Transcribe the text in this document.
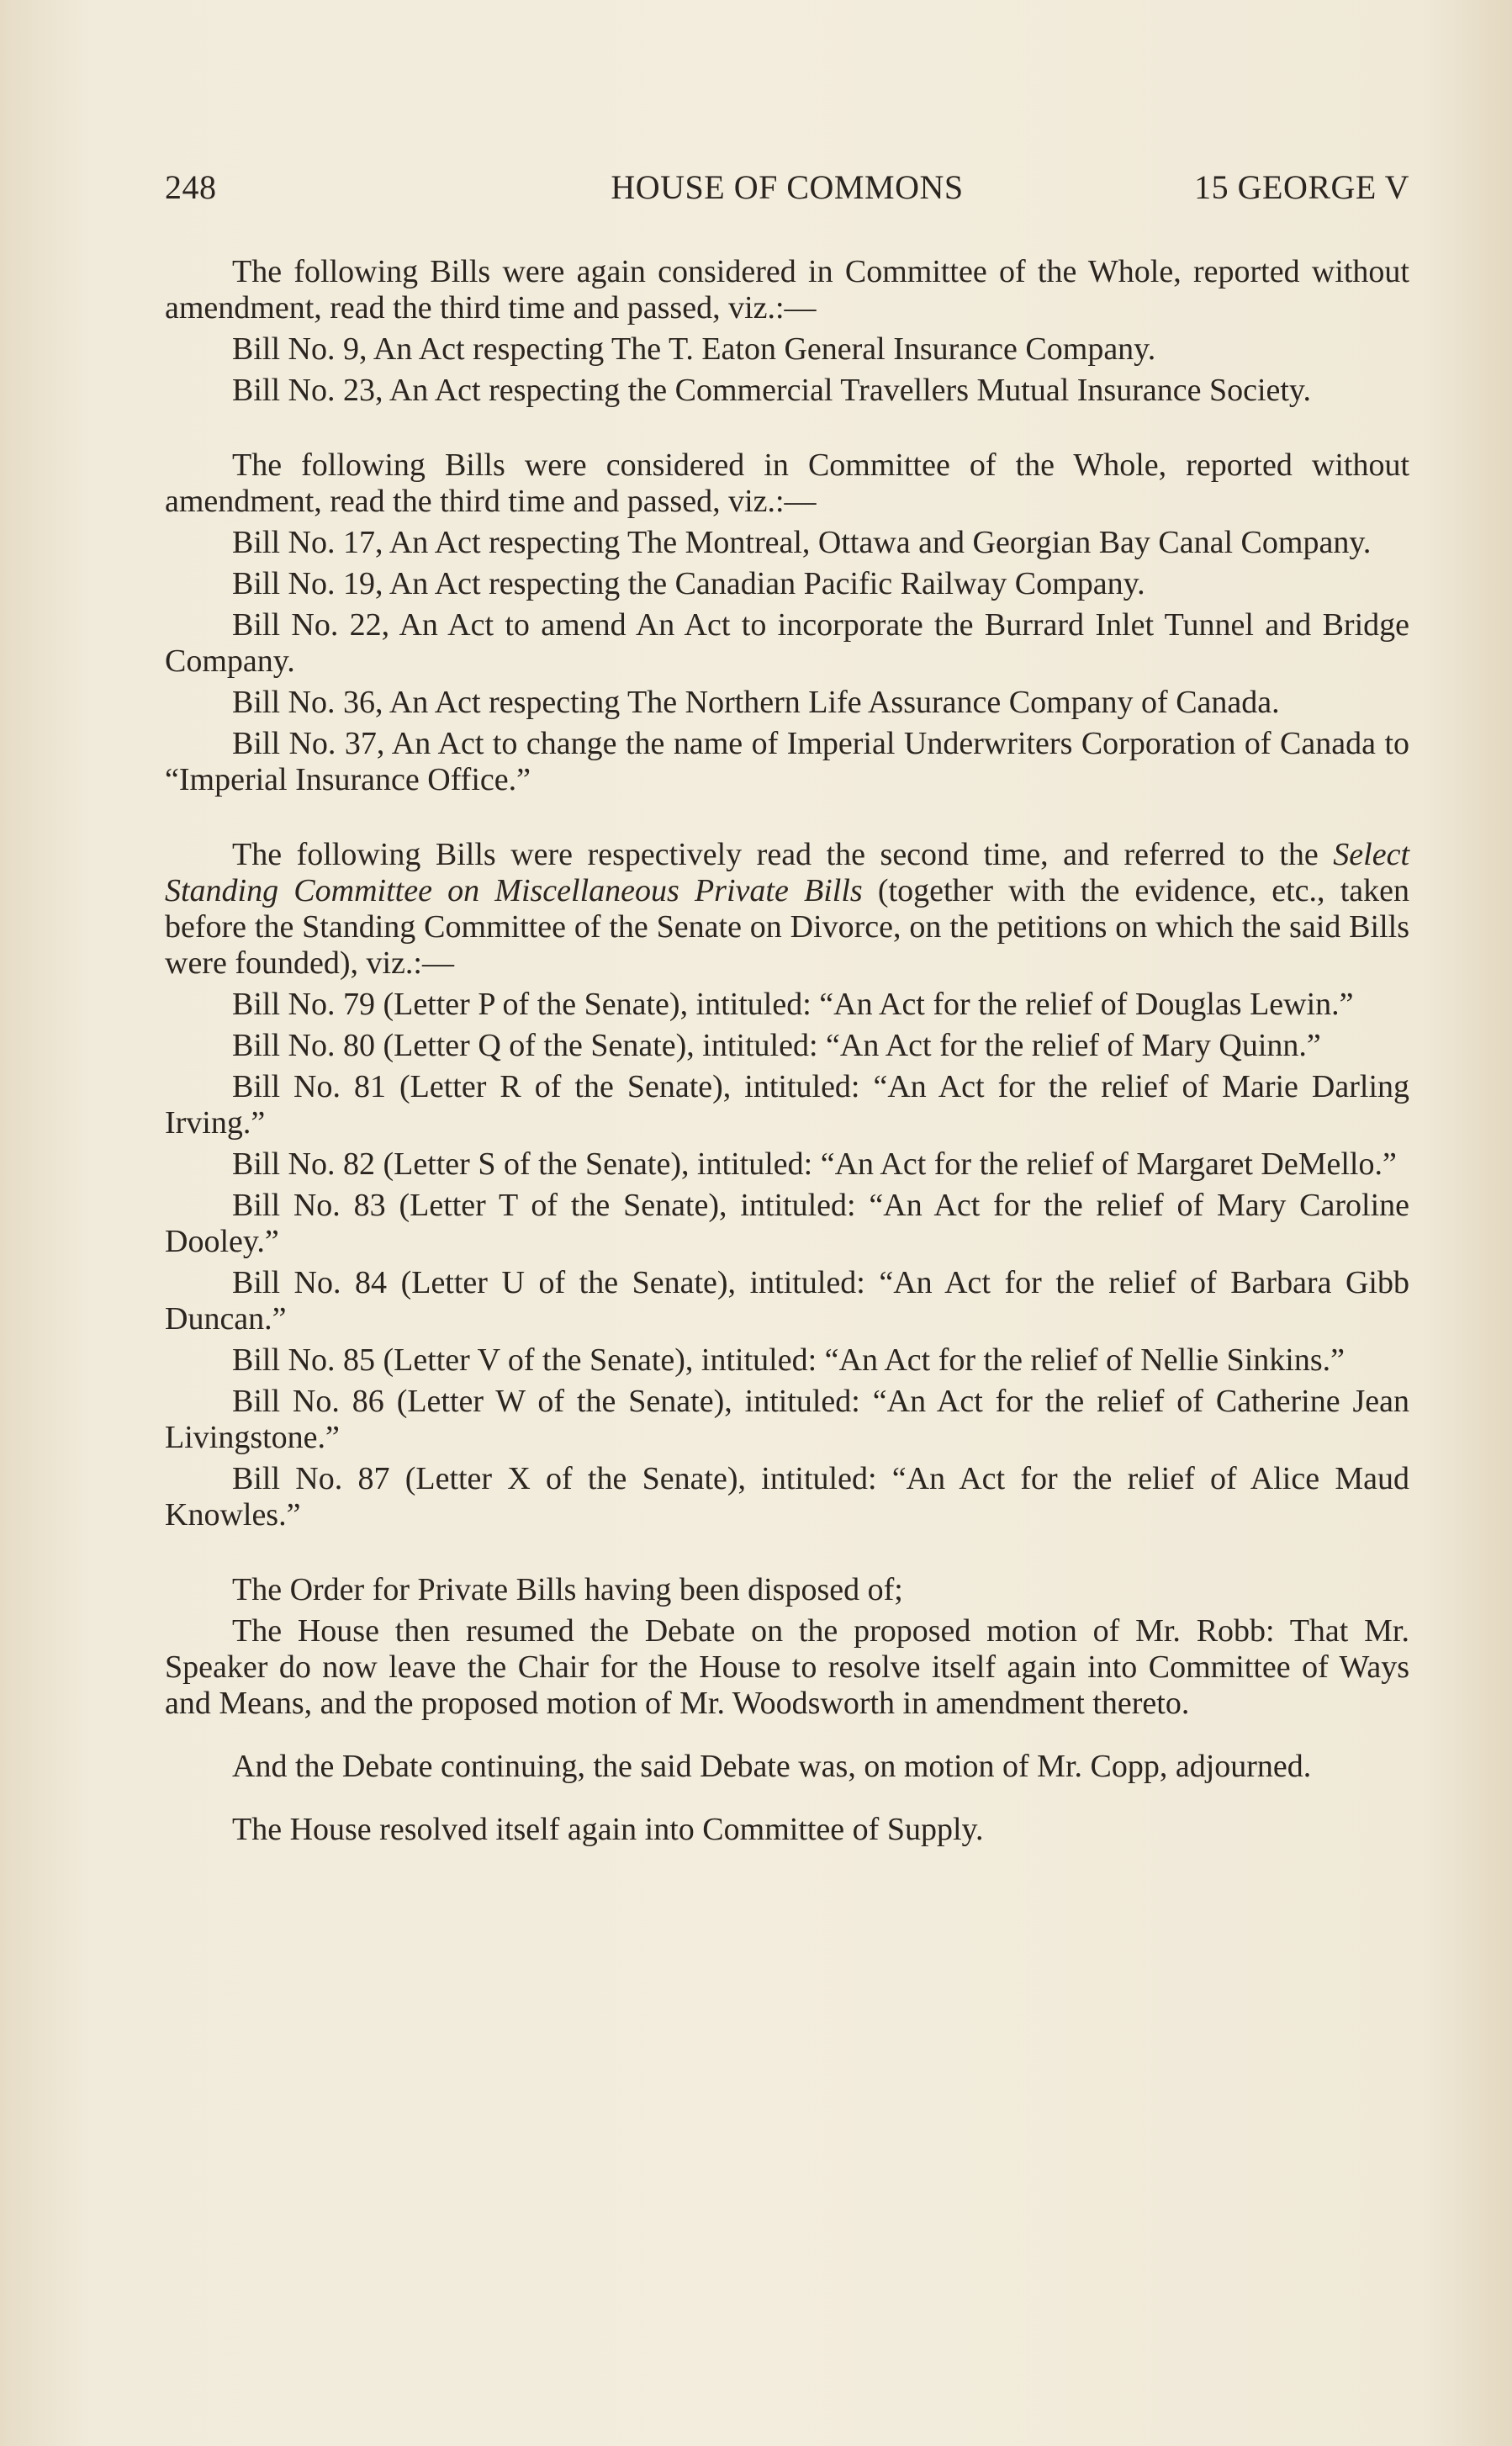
248	HOUSE OF COMMONS	15 GEORGE V

The following Bills were again considered in Committee of the Whole, reported without amendment, read the third time and passed, viz.:—

Bill No. 9, An Act respecting The T. Eaton General Insurance Company.

Bill No. 23, An Act respecting the Commercial Travellers Mutual Insurance Society.

The following Bills were considered in Committee of the Whole, reported without amendment, read the third time and passed, viz.:—

Bill No. 17, An Act respecting The Montreal, Ottawa and Georgian Bay Canal Company.

Bill No. 19, An Act respecting the Canadian Pacific Railway Company.

Bill No. 22, An Act to amend An Act to incorporate the Burrard Inlet Tunnel and Bridge Company.

Bill No. 36, An Act respecting The Northern Life Assurance Company of Canada.

Bill No. 37, An Act to change the name of Imperial Underwriters Corporation of Canada to “Imperial Insurance Office.”

The following Bills were respectively read the second time, and referred to the Select Standing Committee on Miscellaneous Private Bills (together with the evidence, etc., taken before the Standing Committee of the Senate on Divorce, on the petitions on which the said Bills were founded), viz.:—

Bill No. 79 (Letter P of the Senate), intituled: “An Act for the relief of Douglas Lewin.”

Bill No. 80 (Letter Q of the Senate), intituled: “An Act for the relief of Mary Quinn.”

Bill No. 81 (Letter R of the Senate), intituled: “An Act for the relief of Marie Darling Irving.”

Bill No. 82 (Letter S of the Senate), intituled: “An Act for the relief of Margaret DeMello.”

Bill No. 83 (Letter T of the Senate), intituled: “An Act for the relief of Mary Caroline Dooley.”

Bill No. 84 (Letter U of the Senate), intituled: “An Act for the relief of Barbara Gibb Duncan.”

Bill No. 85 (Letter V of the Senate), intituled: “An Act for the relief of Nellie Sinkins.”

Bill No. 86 (Letter W of the Senate), intituled: “An Act for the relief of Catherine Jean Livingstone.”

Bill No. 87 (Letter X of the Senate), intituled: “An Act for the relief of Alice Maud Knowles.”

The Order for Private Bills having been disposed of;

The House then resumed the Debate on the proposed motion of Mr. Robb: That Mr. Speaker do now leave the Chair for the House to resolve itself again into Committee of Ways and Means, and the proposed motion of Mr. Woodsworth in amendment thereto.

And the Debate continuing, the said Debate was, on motion of Mr. Copp, adjourned.

The House resolved itself again into Committee of Supply.
